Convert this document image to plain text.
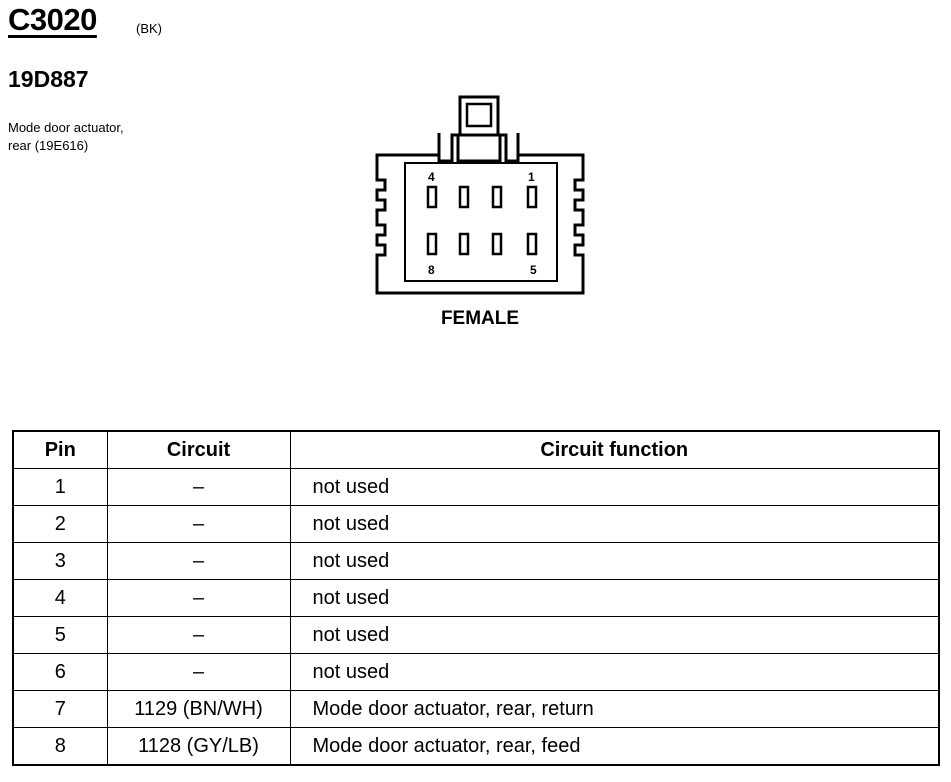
C3020	(BK)
19D887
Mode door actuator,
rear (19E616)
4	1
8	5
FEMALE
Pin	Circuit	Circuit function
1	–	not used
2	–	not used
3	–	not used
4	–	not used
5	–	not used
6	–	not used
7	1129 (BN/WH)	Mode door actuator, rear, return
8	1128 (GY/LB)	Mode door actuator, rear, feed
